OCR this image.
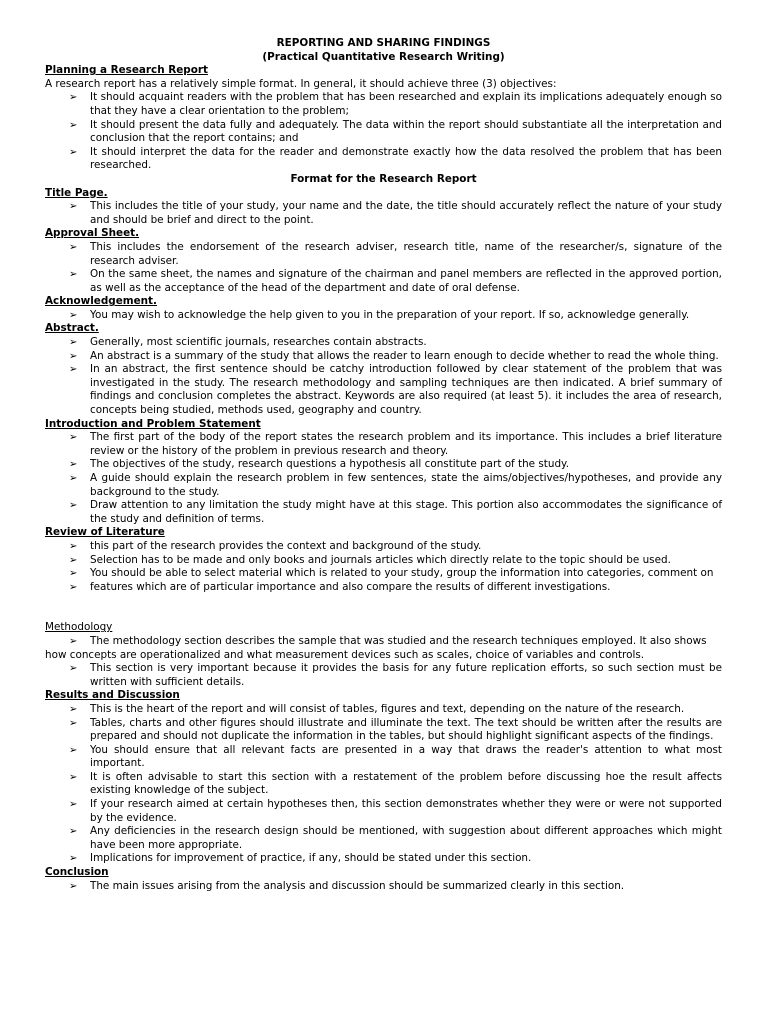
REPORTING AND SHARING FINDINGS
(Practical Quantitative Research Writing)
Planning a Research Report
A research report has a relatively simple format. In general, it should achieve three (3) objectives:
➢ It should acquaint readers with the problem that has been researched and explain its implications adequately enough so that they have a clear orientation to the problem;
➢ It should present the data fully and adequately. The data within the report should substantiate all the interpretation and conclusion that the report contains; and
➢ It should interpret the data for the reader and demonstrate exactly how the data resolved the problem that has been researched.
Format for the Research Report
Title Page.
➢ This includes the title of your study, your name and the date, the title should accurately reflect the nature of your study and should be brief and direct to the point.
Approval Sheet.
➢ This includes the endorsement of the research adviser, research title, name of the researcher/s, signature of the research adviser.
➢ On the same sheet, the names and signature of the chairman and panel members are reflected in the approved portion, as well as the acceptance of the head of the department and date of oral defense.
Acknowledgement.
➢ You may wish to acknowledge the help given to you in the preparation of your report. If so, acknowledge generally.
Abstract.
➢ Generally, most scientific journals, researches contain abstracts.
➢ An abstract is a summary of the study that allows the reader to learn enough to decide whether to read the whole thing.
➢ In an abstract, the first sentence should be catchy introduction followed by clear statement of the problem that was investigated in the study. The research methodology and sampling techniques are then indicated. A brief summary of findings and conclusion completes the abstract. Keywords are also required (at least 5). it includes the area of research, concepts being studied, methods used, geography and country.
Introduction and Problem Statement
➢ The first part of the body of the report states the research problem and its importance. This includes a brief literature review or the history of the problem in previous research and theory.
➢ The objectives of the study, research questions a hypothesis all constitute part of the study.
➢ A guide should explain the research problem in few sentences, state the aims/objectives/hypotheses, and provide any background to the study.
➢ Draw attention to any limitation the study might have at this stage. This portion also accommodates the significance of the study and definition of terms.
Review of Literature
➢ this part of the research provides the context and background of the study.
➢ Selection has to be made and only books and journals articles which directly relate to the topic should be used.
➢ You should be able to select material which is related to your study, group the information into categories, comment on
➢ features which are of particular importance and also compare the results of different investigations.
Methodology
➢ The methodology section describes the sample that was studied and the research techniques employed. It also shows
how concepts are operationalized and what measurement devices such as scales, choice of variables and controls.
➢ This section is very important because it provides the basis for any future replication efforts, so such section must be written with sufficient details.
Results and Discussion
➢ This is the heart of the report and will consist of tables, figures and text, depending on the nature of the research.
➢ Tables, charts and other figures should illustrate and illuminate the text. The text should be written after the results are prepared and should not duplicate the information in the tables, but should highlight significant aspects of the findings.
➢ You should ensure that all relevant facts are presented in a way that draws the reader's attention to what most important.
➢ It is often advisable to start this section with a restatement of the problem before discussing hoe the result affects existing knowledge of the subject.
➢ If your research aimed at certain hypotheses then, this section demonstrates whether they were or were not supported by the evidence.
➢ Any deficiencies in the research design should be mentioned, with suggestion about different approaches which might have been more appropriate.
➢ Implications for improvement of practice, if any, should be stated under this section.
Conclusion
➢ The main issues arising from the analysis and discussion should be summarized clearly in this section.
